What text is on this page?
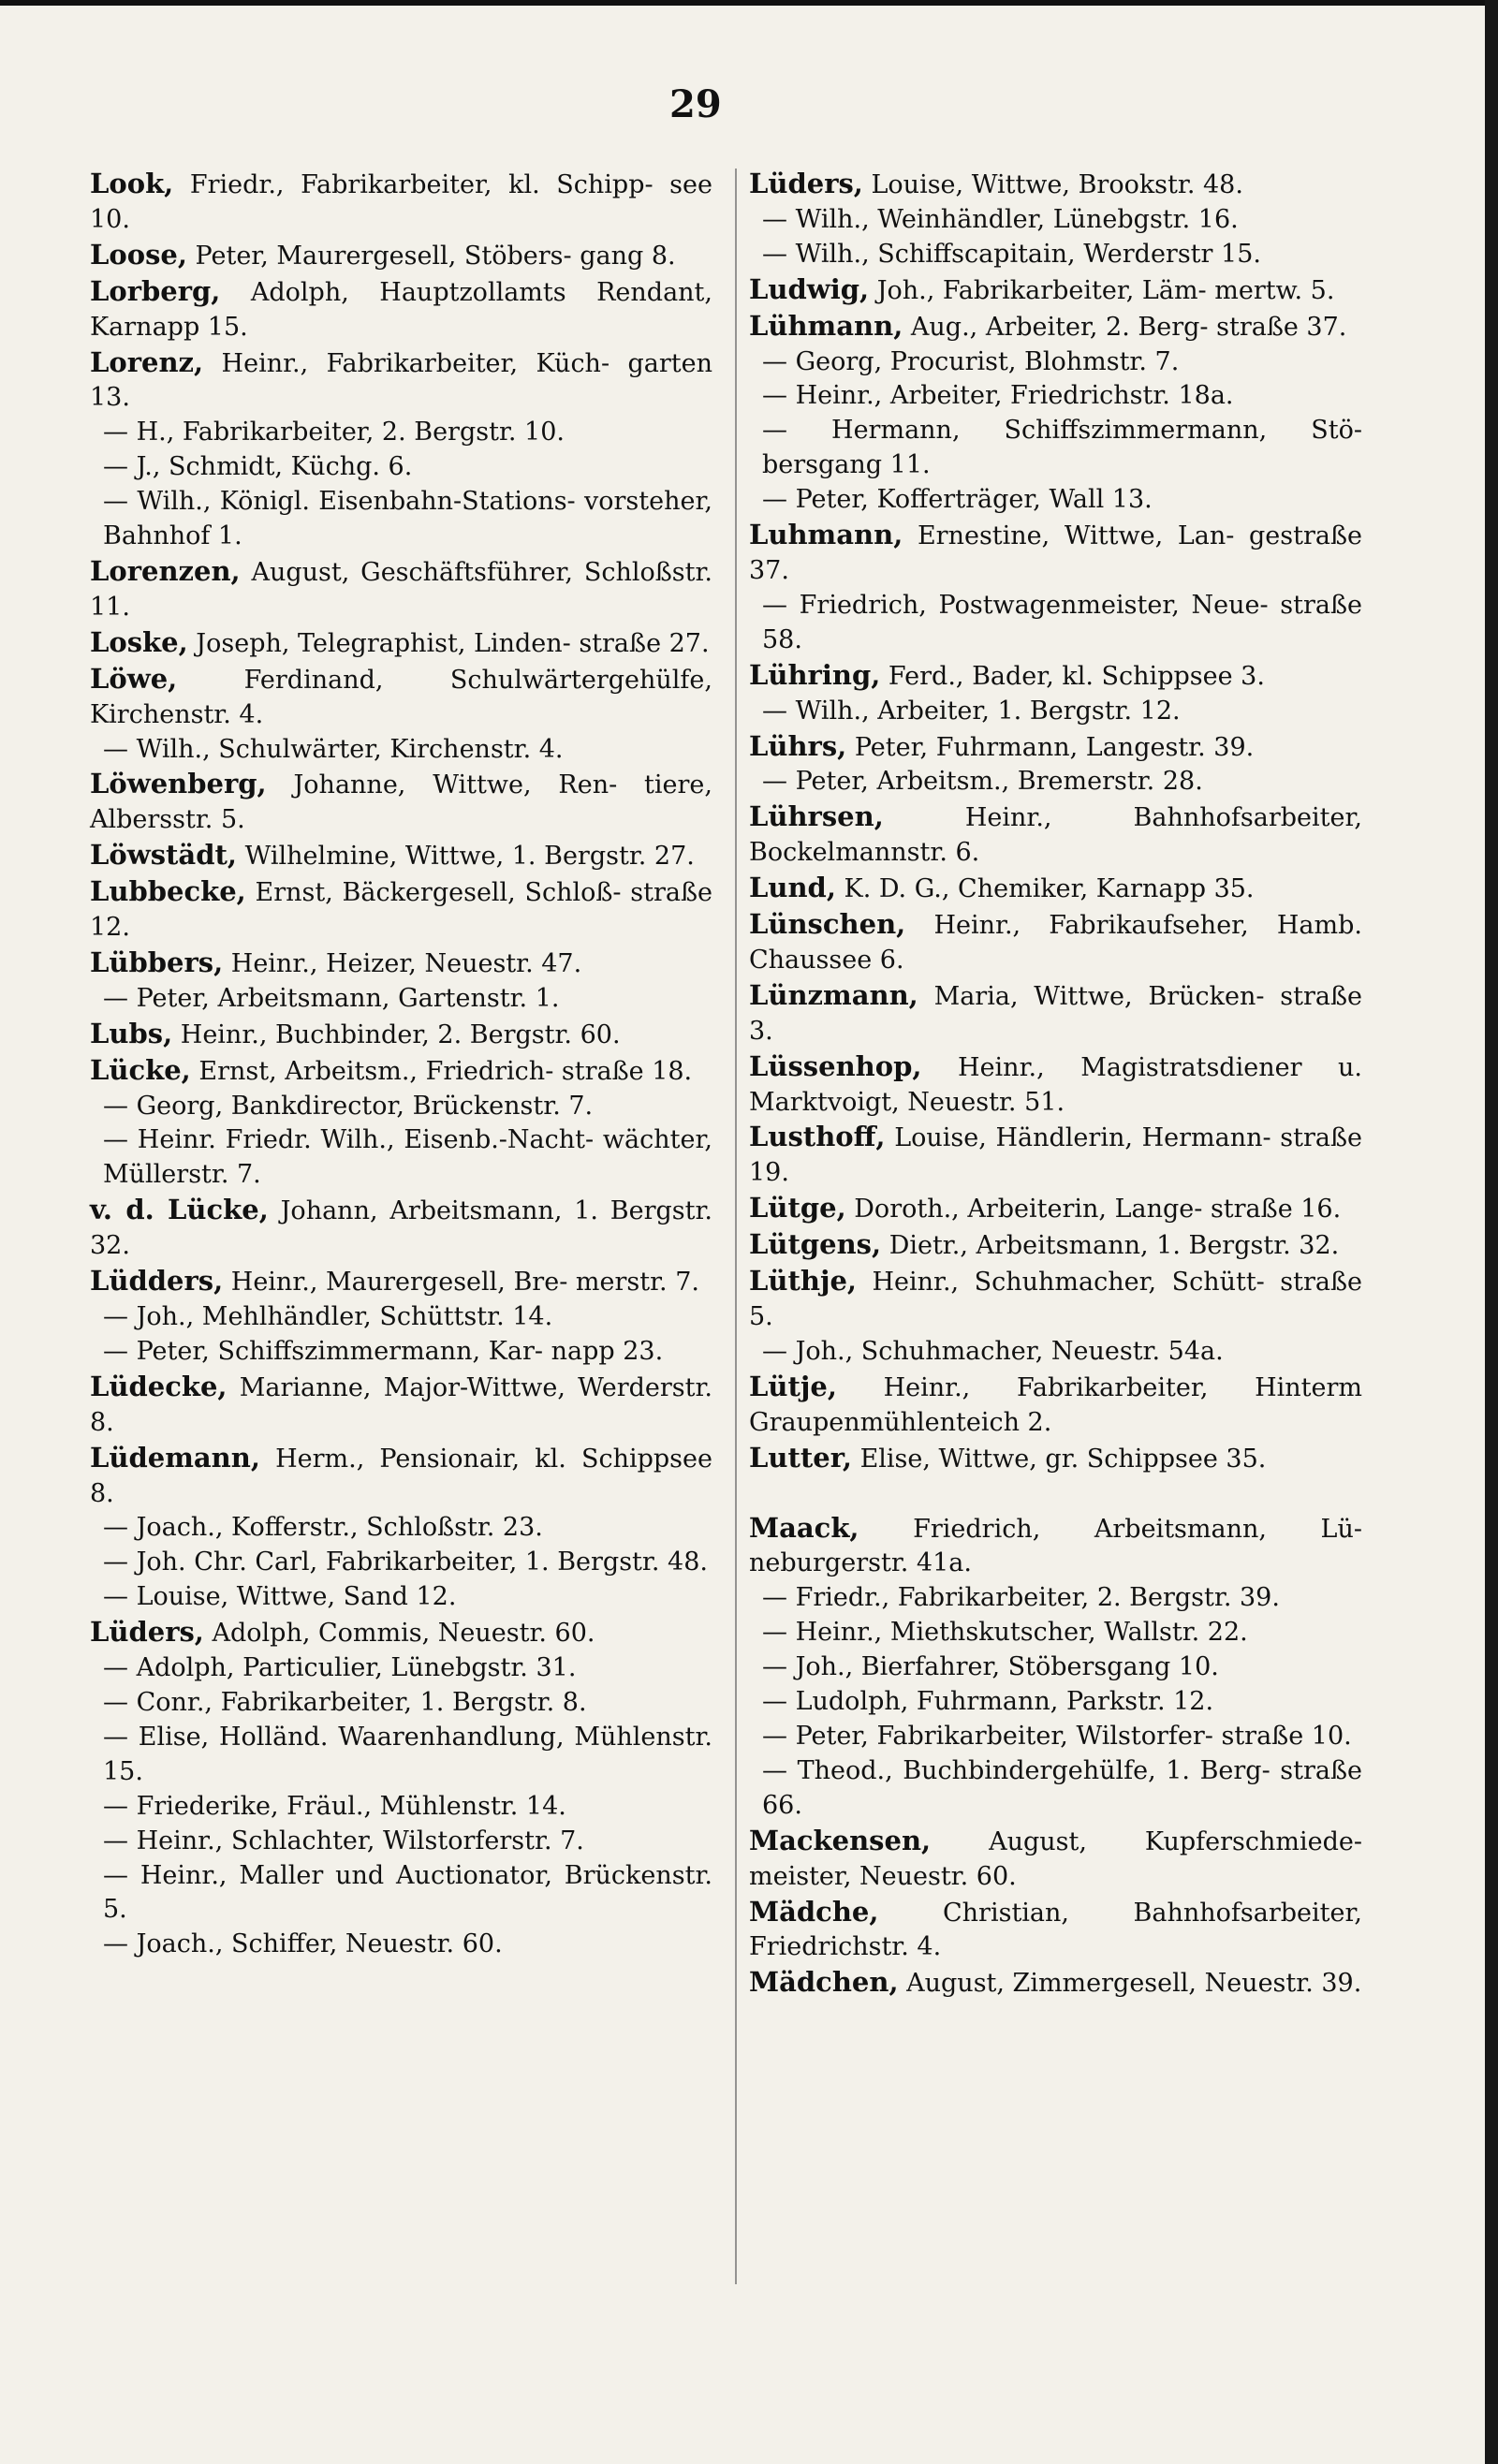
29

Look, Friedr., Fabrikarbeiter, kl. Schipp- see 10.

Loose, Peter, Maurergesell, Stöbers- gang 8.

Lorberg, Adolph, Hauptzollamts Rendant, Karnapp 15.

Lorenz, Heinr., Fabrikarbeiter, Küch- garten 13.

— H., Fabrikarbeiter, 2. Bergstr. 10.

— J., Schmidt, Küchg. 6.

— Wilh., Königl. Eisenbahn-Stations- vorsteher, Bahnhof 1.

Lorenzen, August, Geschäftsführer, Schloßstr. 11.

Loske, Joseph, Telegraphist, Linden- straße 27.

Löwe, Ferdinand, Schulwärtergehülfe, Kirchenstr. 4.

— Wilh., Schulwärter, Kirchenstr. 4.

Löwenberg, Johanne, Wittwe, Ren- tiere, Albersstr. 5.

Löwstädt, Wilhelmine, Wittwe, 1. Bergstr. 27.

Lubbecke, Ernst, Bäckergesell, Schloß- straße 12.

Lübbers, Heinr., Heizer, Neuestr. 47.

— Peter, Arbeitsmann, Gartenstr. 1.

Lubs, Heinr., Buchbinder, 2. Bergstr. 60.

Lücke, Ernst, Arbeitsm., Friedrich- straße 18.

— Georg, Bankdirector, Brückenstr. 7.

— Heinr. Friedr. Wilh., Eisenb.-Nacht- wächter, Müllerstr. 7.

v. d. Lücke, Johann, Arbeitsmann, 1. Bergstr. 32.

Lüdders, Heinr., Maurergesell, Bre- merstr. 7.

— Joh., Mehlhändler, Schüttstr. 14.

— Peter, Schiffszimmermann, Kar- napp 23.

Lüdecke, Marianne, Major-Wittwe, Werderstr. 8.

Lüdemann, Herm., Pensionair, kl. Schippsee 8.

— Joach., Kofferstr., Schloßstr. 23.

— Joh. Chr. Carl, Fabrikarbeiter, 1. Bergstr. 48.

— Louise, Wittwe, Sand 12.

Lüders, Adolph, Commis, Neuestr. 60.

— Adolph, Particulier, Lünebgstr. 31.

— Conr., Fabrikarbeiter, 1. Bergstr. 8.

— Elise, Holländ. Waarenhandlung, Mühlenstr. 15.

— Friederike, Fräul., Mühlenstr. 14.

— Heinr., Schlachter, Wilstorferstr. 7.

— Heinr., Maller und Auctionator, Brückenstr. 5.

— Joach., Schiffer, Neuestr. 60.

Lüders, Louise, Wittwe, Brookstr. 48.

— Wilh., Weinhändler, Lünebgstr. 16.

— Wilh., Schiffscapitain, Werderstr 15.

Ludwig, Joh., Fabrikarbeiter, Läm- mertw. 5.

Lühmann, Aug., Arbeiter, 2. Berg- straße 37.

— Georg, Procurist, Blohmstr. 7.

— Heinr., Arbeiter, Friedrichstr. 18a.

— Hermann, Schiffszimmermann, Stö- bersgang 11.

— Peter, Kofferträger, Wall 13.

Luhmann, Ernestine, Wittwe, Lan- gestraße 37.

— Friedrich, Postwagenmeister, Neue- straße 58.

Lühring, Ferd., Bader, kl. Schippsee 3.

— Wilh., Arbeiter, 1. Bergstr. 12.

Lührs, Peter, Fuhrmann, Langestr. 39.

— Peter, Arbeitsm., Bremerstr. 28.

Lührsen, Heinr., Bahnhofsarbeiter, Bockelmannstr. 6.

Lund, K. D. G., Chemiker, Karnapp 35.

Lünschen, Heinr., Fabrikaufseher, Hamb. Chaussee 6.

Lünzmann, Maria, Wittwe, Brücken- straße 3.

Lüssenhop, Heinr., Magistratsdiener u. Marktvoigt, Neuestr. 51.

Lusthoff, Louise, Händlerin, Hermann- straße 19.

Lütge, Doroth., Arbeiterin, Lange- straße 16.

Lütgens, Dietr., Arbeitsmann, 1. Bergstr. 32.

Lüthje, Heinr., Schuhmacher, Schütt- straße 5.

— Joh., Schuhmacher, Neuestr. 54a.

Lütje, Heinr., Fabrikarbeiter, Hinterm Graupenmühlenteich 2.

Lutter, Elise, Wittwe, gr. Schippsee 35.

Maack, Friedrich, Arbeitsmann, Lü- neburgerstr. 41a.

— Friedr., Fabrikarbeiter, 2. Bergstr. 39.

— Heinr., Miethskutscher, Wallstr. 22.

— Joh., Bierfahrer, Stöbersgang 10.

— Ludolph, Fuhrmann, Parkstr. 12.

— Peter, Fabrikarbeiter, Wilstorfer- straße 10.

— Theod., Buchbindergehülfe, 1. Berg- straße 66.

Mackensen, August, Kupferschmiede- meister, Neuestr. 60.

Mädche, Christian, Bahnhofsarbeiter, Friedrichstr. 4.

Mädchen, August, Zimmergesell, Neuestr. 39.
